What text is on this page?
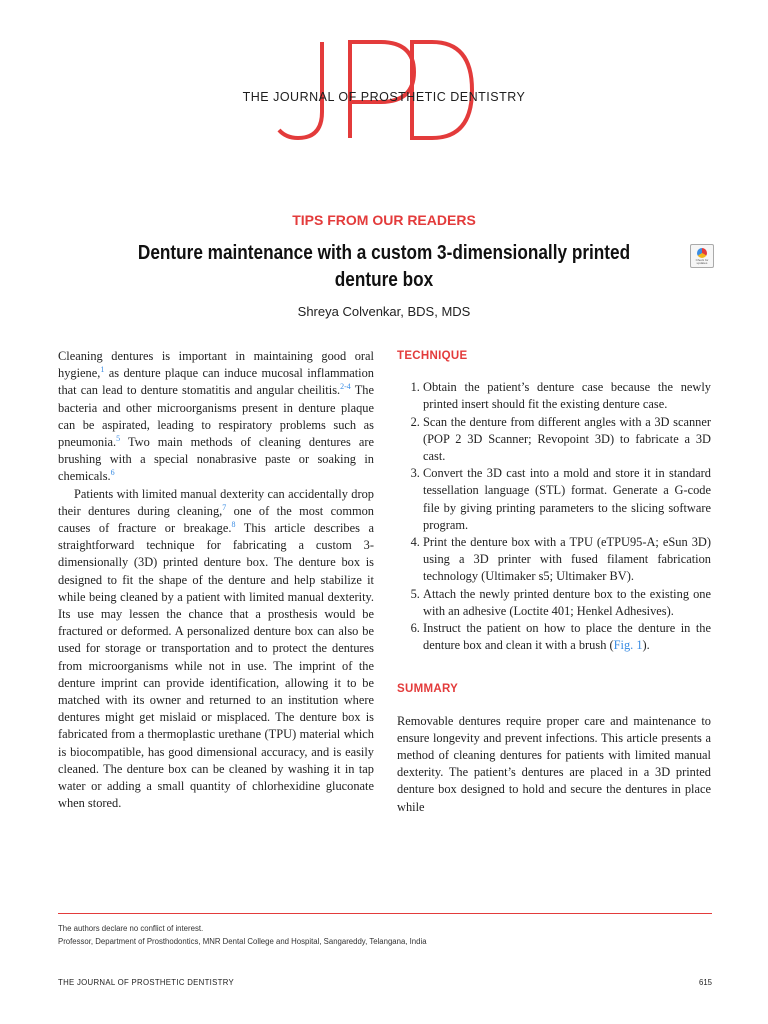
THE JOURNAL OF PROSTHETIC DENTISTRY
TIPS FROM OUR READERS
Denture maintenance with a custom 3-dimensionally printed denture box
Check for updates
Shreya Colvenkar, BDS, MDS

Cleaning dentures is important in maintaining good oral hygiene,$^1$ as denture plaque can induce mucosal inflammation that can lead to denture stomatitis and angular cheilitis.$^{2-4}$ The bacteria and other microorganisms present in denture plaque can be aspirated, leading to respiratory problems such as pneumonia.$^5$ Two main methods of cleaning dentures are brushing with a special nonabrasive paste or soaking in chemicals.$^6$

Patients with limited manual dexterity can accidentally drop their dentures during cleaning,$^7$ one of the most common causes of fracture or breakage.$^8$ This article describes a straightforward technique for fabricating a custom 3-dimensionally (3D) printed denture box. The denture box is designed to fit the shape of the denture and help stabilize it while being cleaned by a patient with limited manual dexterity. Its use may lessen the chance that a prosthesis would be fractured or deformed. A personalized denture box can also be used for storage or transportation and to protect the dentures from microorganisms while not in use. The imprint of the denture imprint can provide identification, allowing it to be matched with its owner and returned to an institution where dentures might get mislaid or misplaced. The denture box is fabricated from a thermoplastic urethane (TPU) material which is biocompatible, has good dimensional accuracy, and is easily cleaned. The denture box can be cleaned by washing it in tap water or adding a small quantity of chlorhexidine gluconate when stored.

TECHNIQUE
1. Obtain the patient’s denture case because the newly printed insert should fit the existing denture case.
2. Scan the denture from different angles with a 3D scanner (POP 2 3D Scanner; Revopoint 3D) to fabricate a 3D cast.
3. Convert the 3D cast into a mold and store it in standard tessellation language (STL) format. Generate a G-code file by giving printing parameters to the slicing software program.
4. Print the denture box with a TPU (eTPU95-A; eSun 3D) using a 3D printer with fused filament fabrication technology (Ultimaker s5; Ultimaker BV).
5. Attach the newly printed denture box to the existing one with an adhesive (Loctite 401; Henkel Adhesives).
6. Instruct the patient on how to place the denture in the denture box and clean it with a brush (Fig. 1).
SUMMARY

Removable dentures require proper care and maintenance to ensure longevity and prevent infections. This article presents a method of cleaning dentures for patients with limited manual dexterity. The patient’s dentures are placed in a 3D printed denture box designed to hold and secure the dentures in place while

The authors declare no conflict of interest.
Professor, Department of Prosthodontics, MNR Dental College and Hospital, Sangareddy, Telangana, India
THE JOURNAL OF PROSTHETIC DENTISTRY	615
